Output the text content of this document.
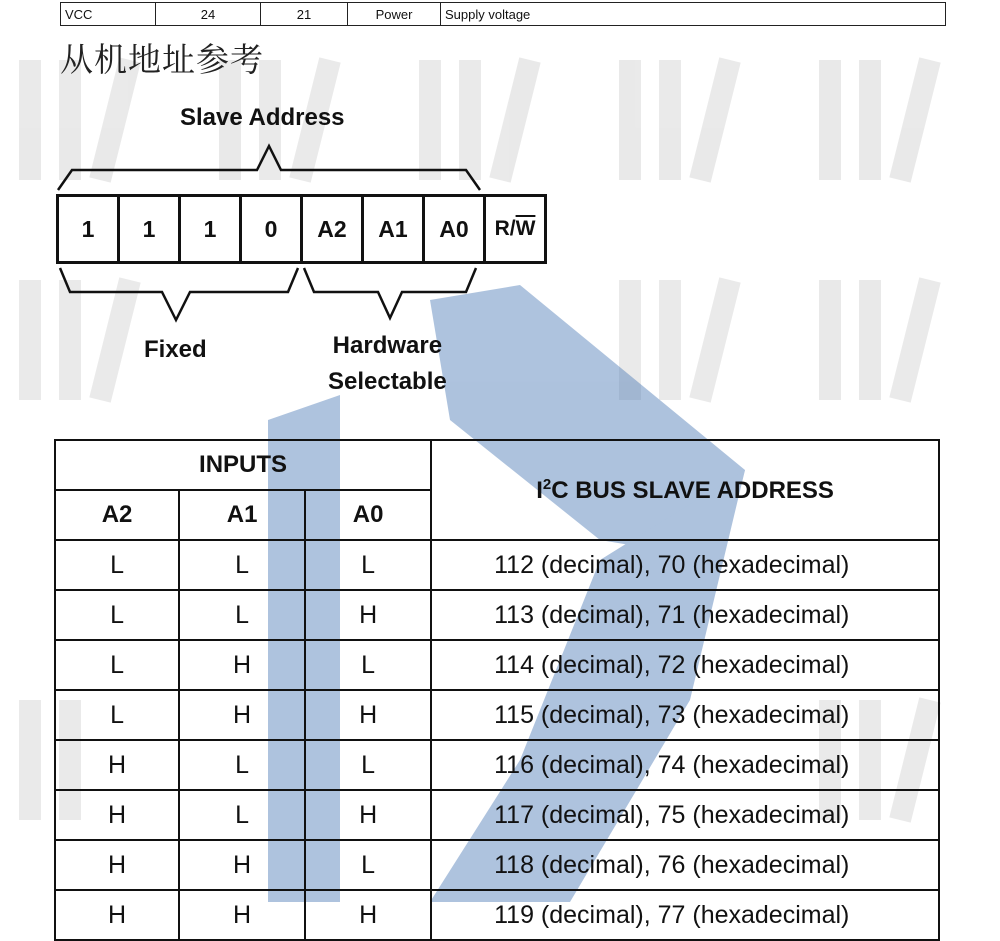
VCC	24	21	Power	Supply voltage
从机地址参考
Slave Address
1	1	1	0	A2	A1	A0	R/ $\overline{W}$
Fixed	Hardware
Selectable
INPUTS			$I^2C$ BUS SLAVE ADDRESS
A2	A1	A0	
L	L	L	112 (decimal), 70 (hexadecimal)
L	L	H	113 (decimal), 71 (hexadecimal)
L	H	L	114 (decimal), 72 (hexadecimal)
L	H	H	115 (decimal), 73 (hexadecimal)
H	L	L	116 (decimal), 74 (hexadecimal)
H	L	H	117 (decimal), 75 (hexadecimal)
H	H	L	118 (decimal), 76 (hexadecimal)
H	H	H	119 (decimal), 77 (hexadecimal)
